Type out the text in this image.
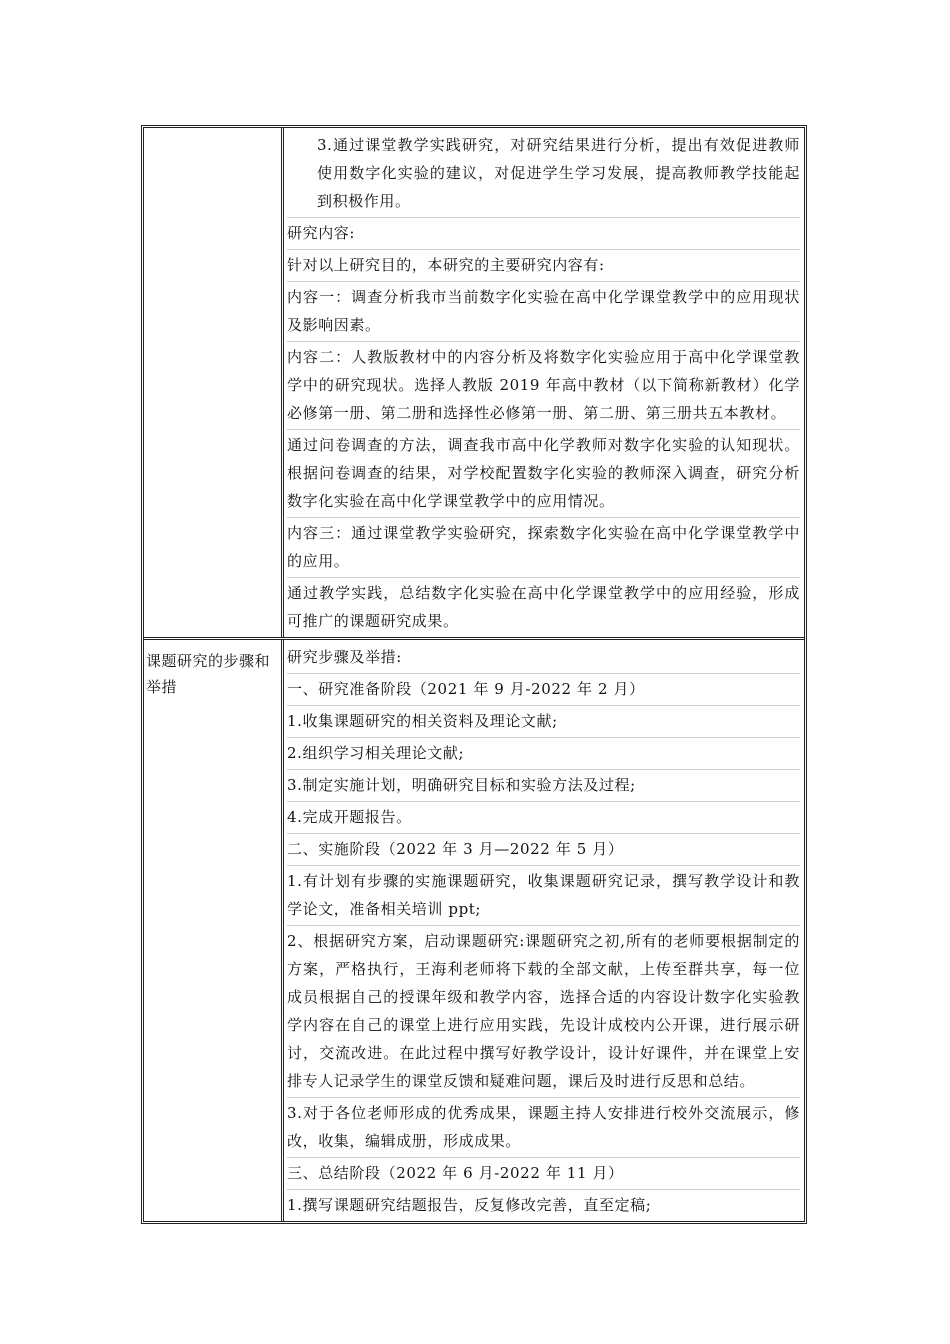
3.通过课堂教学实践研究，对研究结果进行分析，提出有效促进教师使用数字化实验的建议，对促进学生学习发展，提高教师教学技能起到积极作用。

研究内容:

针对以上研究目的，本研究的主要研究内容有:

内容一：调查分析我市当前数字化实验在高中化学课堂教学中的应用现状及影响因素。

内容二：人教版教材中的内容分析及将数字化实验应用于高中化学课堂教学中的研究现状。选择人教版 2019 年高中教材（以下简称新教材）化学必修第一册、第二册和选择性必修第一册、第二册、第三册共五本教材。

通过问卷调查的方法，调查我市高中化学教师对数字化实验的认知现状。根据问卷调查的结果，对学校配置数字化实验的教师深入调查，研究分析数字化实验在高中化学课堂教学中的应用情况。

内容三：通过课堂教学实验研究，探索数字化实验在高中化学课堂教学中的应用。

通过教学实践，总结数字化实验在高中化学课堂教学中的应用经验，形成可推广的课题研究成果。

课题研究的步骤和举措

研究步骤及举措:

一、研究准备阶段（2021 年 9 月-2022 年 2 月）

1.收集课题研究的相关资料及理论文献;

2.组织学习相关理论文献;

3.制定实施计划，明确研究目标和实验方法及过程;

4.完成开题报告。

二、实施阶段（2022 年 3 月—2022 年 5 月）

1.有计划有步骤的实施课题研究，收集课题研究记录，撰写教学设计和教学论文，准备相关培训 ppt;

2、根据研究方案，启动课题研究:课题研究之初,所有的老师要根据制定的方案，严格执行，王海利老师将下载的全部文献，上传至群共享，每一位成员根据自己的授课年级和教学内容，选择合适的内容设计数字化实验教学内容在自己的课堂上进行应用实践，先设计成校内公开课，进行展示研讨，交流改进。在此过程中撰写好教学设计，设计好课件，并在课堂上安排专人记录学生的课堂反馈和疑难问题，课后及时进行反思和总结。

3.对于各位老师形成的优秀成果，课题主持人安排进行校外交流展示，修改，收集，编辑成册，形成成果。

三、总结阶段（2022 年 6 月-2022 年 11 月）

1.撰写课题研究结题报告，反复修改完善，直至定稿;
